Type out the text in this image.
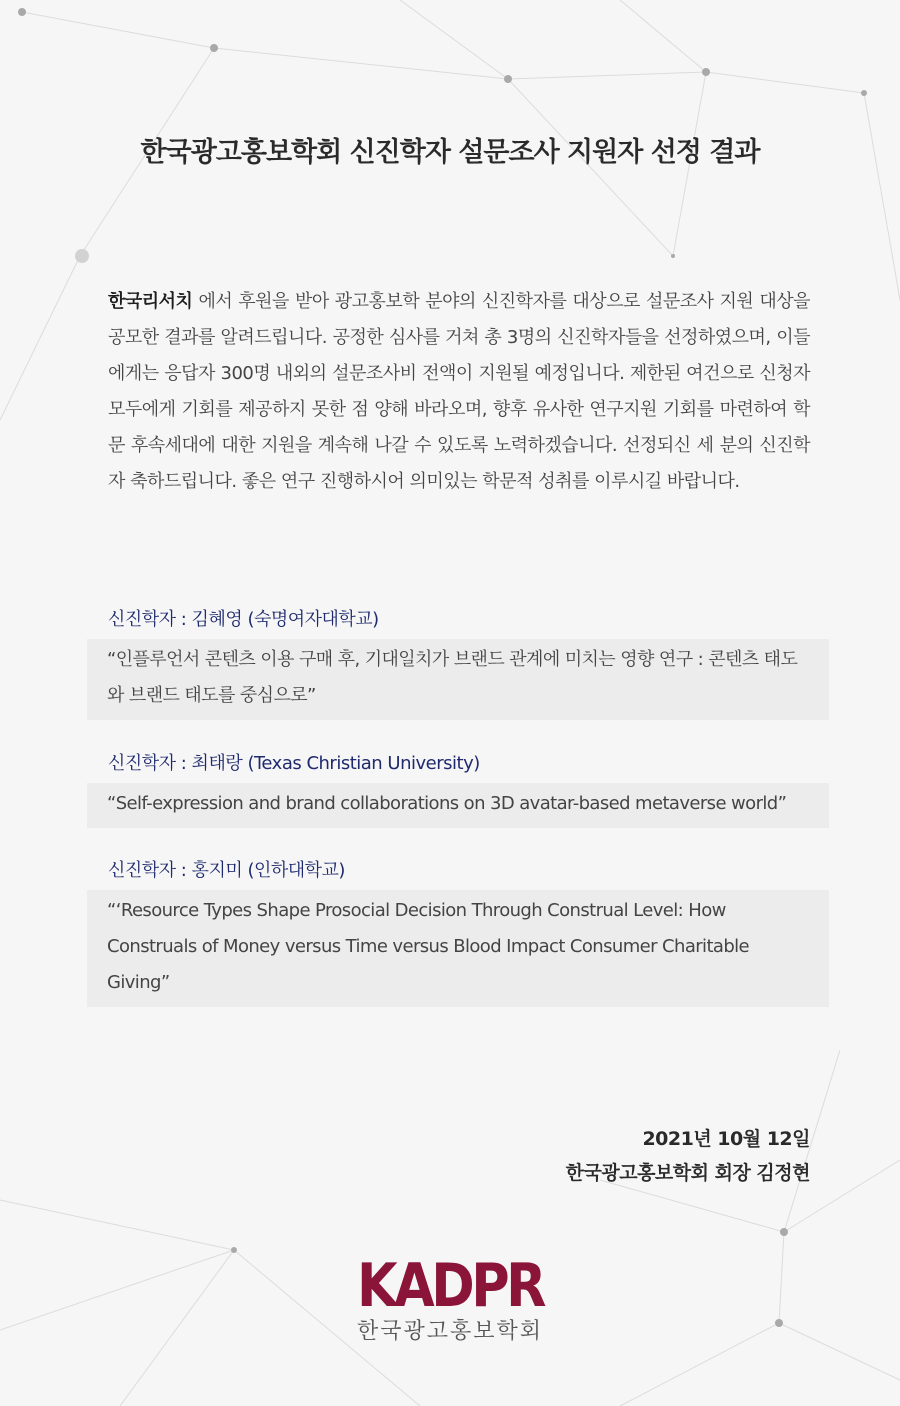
한국광고홍보학회 신진학자 설문조사 지원자 선정 결과

한국리서치 에서 후원을 받아 광고홍보학 분야의 신진학자를 대상으로 설문조사 지원 대상을 공모한 결과를 알려드립니다. 공정한 심사를 거쳐 총 3명의 신진학자들을 선정하였으며, 이들에게는 응답자 300명 내외의 설문조사비 전액이 지원될 예정입니다. 제한된 여건으로 신청자 모두에게 기회를 제공하지 못한 점 양해 바라오며, 향후 유사한 연구지원 기회를 마련하여 학문 후속세대에 대한 지원을 계속해 나갈 수 있도록 노력하겠습니다. 선정되신 세 분의 신진학자 축하드립니다. 좋은 연구 진행하시어 의미있는 학문적 성취를 이루시길 바랍니다.

신진학자 : 김혜영 (숙명여자대학교)

“인플루언서 콘텐츠 이용 구매 후, 기대일치가 브랜드 관계에 미치는 영향 연구 : 콘텐츠 태도와 브랜드 태도를 중심으로”

신진학자 : 최태랑 (Texas Christian University)

“Self-expression and brand collaborations on 3D avatar-based metaverse world”

신진학자 : 홍지미 (인하대학교)

“‘Resource Types Shape Prosocial Decision Through Construal Level: How Construals of Money versus Time versus Blood Impact Consumer Charitable Giving”

2021년 10월 12일
한국광고홍보학회 회장 김정현

KADPR

한국광고홍보학회
